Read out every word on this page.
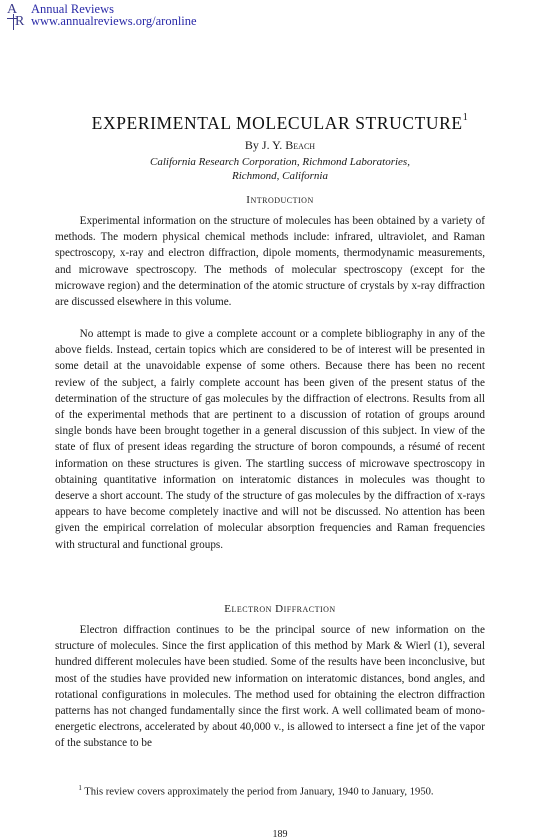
A
R
Annual Reviews
www.annualreviews.org/aronline
EXPERIMENTAL MOLECULAR STRUCTURE$^1$
By J. Y. Beach
California Research Corporation, Richmond Laboratories,
Richmond, California
Introduction
Experimental information on the structure of molecules has been obtained by a variety of methods. The modern physical chemical methods include: infrared, ultraviolet, and Raman spectroscopy, x-ray and electron diffraction, dipole moments, thermodynamic measurements, and microwave spectroscopy. The methods of molecular spectroscopy (except for the microwave region) and the determination of the atomic structure of crystals by x-ray diffraction are discussed elsewhere in this volume.
No attempt is made to give a complete account or a complete bibliography in any of the above fields. Instead, certain topics which are considered to be of interest will be presented in some detail at the unavoidable expense of some others. Because there has been no recent review of the subject, a fairly complete account has been given of the present status of the determination of the structure of gas molecules by the diffraction of electrons. Results from all of the experimental methods that are pertinent to a discussion of rotation of groups around single bonds have been brought together in a general discussion of this subject. In view of the state of flux of present ideas regarding the structure of boron compounds, a résumé of recent information on these structures is given. The startling success of microwave spectroscopy in obtaining quantitative information on interatomic distances in molecules was thought to deserve a short account. The study of the structure of gas molecules by the diffraction of x-rays appears to have become completely inactive and will not be discussed. No attention has been given the empirical correlation of molecular absorption frequencies and Raman frequencies with structural and functional groups.
Electron Diffraction
Electron diffraction continues to be the principal source of new information on the structure of molecules. Since the first application of this method by Mark & Wierl (1), several hundred different molecules have been studied. Some of the results have been inconclusive, but most of the studies have provided new information on interatomic distances, bond angles, and rotational configurations in molecules. The method used for obtaining the electron diffraction patterns has not changed fundamentally since the first work. A well collimated beam of mono-energetic electrons, accelerated by about 40,000 v., is allowed to intersect a fine jet of the vapor of the substance to be
$^1$ This review covers approximately the period from January, 1940 to January, 1950.
189
